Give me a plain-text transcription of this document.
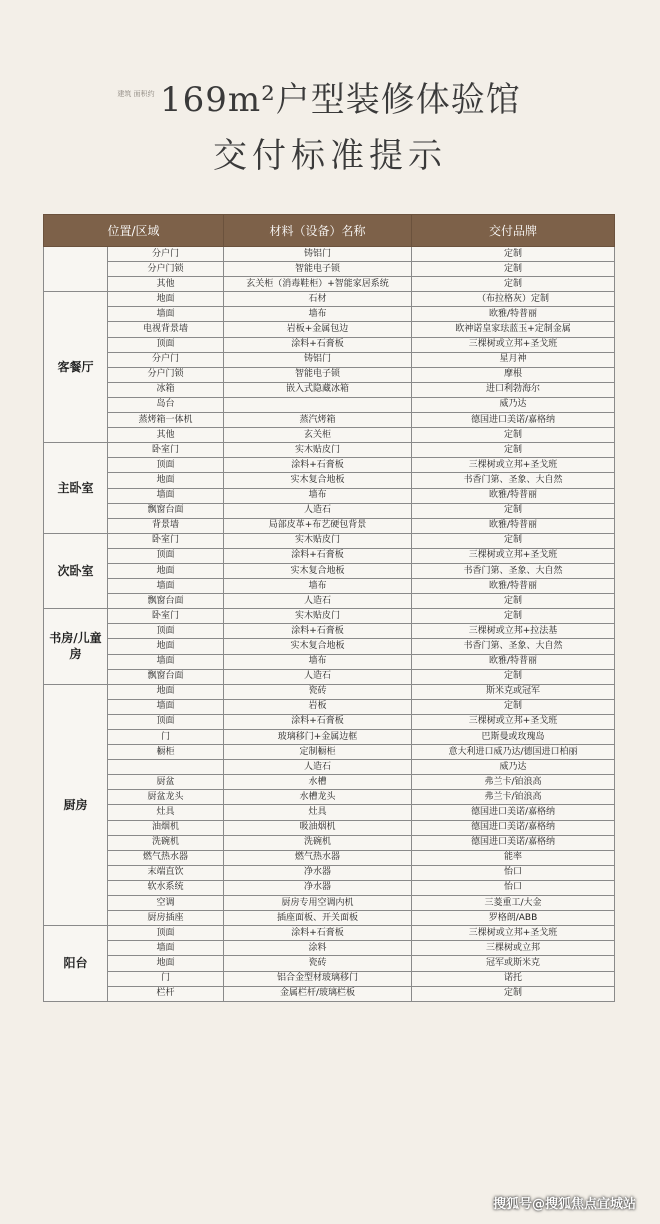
建筑 面积约 169m²户型装修体验馆
交付标准提示
位置/区域		材料（设备）名称	交付品牌
	分户门	铸铝门	定制
	分户门锁	智能电子锁	定制
	其他	玄关柜（消毒鞋柜）+智能家居系统	定制
客餐厅	地面	石材	（布拉格灰）定制
	墙面	墙布	欧雅/特普丽
	电视背景墙	岩板+金属包边	欧神诺皇家珐蓝玉+定制金属
	顶面	涂料+石膏板	三棵树或立邦+圣戈班
	分户门	铸铝门	星月神
	分户门锁	智能电子锁	摩根
	冰箱	嵌入式隐藏冰箱	进口利勃海尔
	岛台		威乃达
	蒸烤箱一体机	蒸汽烤箱	德国进口美诺/嘉格纳
	其他	玄关柜	定制
主卧室	卧室门	实木贴皮门	定制
	顶面	涂料+石膏板	三棵树或立邦+圣戈班
	地面	实木复合地板	书香门第、圣象、大自然
	墙面	墙布	欧雅/特普丽
	飘窗台面	人造石	定制
	背景墙	局部皮革+布艺硬包背景	欧雅/特普丽
次卧室	卧室门	实木贴皮门	定制
	顶面	涂料+石膏板	三棵树或立邦+圣戈班
	地面	实木复合地板	书香门第、圣象、大自然
	墙面	墙布	欧雅/特普丽
	飘窗台面	人造石	定制
书房/儿童房	卧室门	实木贴皮门	定制
	顶面	涂料+石膏板	三棵树或立邦+拉法基
	地面	实木复合地板	书香门第、圣象、大自然
	墙面	墙布	欧雅/特普丽
	飘窗台面	人造石	定制
厨房	地面	瓷砖	斯米克或冠军
	墙面	岩板	定制
	顶面	涂料+石膏板	三棵树或立邦+圣戈班
	门	玻璃移门+金属边框	巴斯曼或玫瑰岛
	橱柜	定制橱柜	意大利进口威乃达/德国进口柏丽
		人造石	威乃达
	厨盆	水槽	弗兰卡/铂浪高
	厨盆龙头	水槽龙头	弗兰卡/铂浪高
	灶具	灶具	德国进口美诺/嘉格纳
	油烟机	吸油烟机	德国进口美诺/嘉格纳
	洗碗机	洗碗机	德国进口美诺/嘉格纳
	燃气热水器	燃气热水器	能率
	末端直饮	净水器	怡口
	软水系统	净水器	怡口
	空调	厨房专用空调内机	三菱重工/大金
	厨房插座	插座面板、开关面板	罗格朗/ABB
阳台	顶面	涂料+石膏板	三棵树或立邦+圣戈班
	墙面	涂料	三棵树或立邦
	地面	瓷砖	冠军或斯米克
	门	铝合金型材玻璃移门	诺托
	栏杆	金属栏杆/玻璃栏板	定制
搜狐号@搜狐焦点宜城站
